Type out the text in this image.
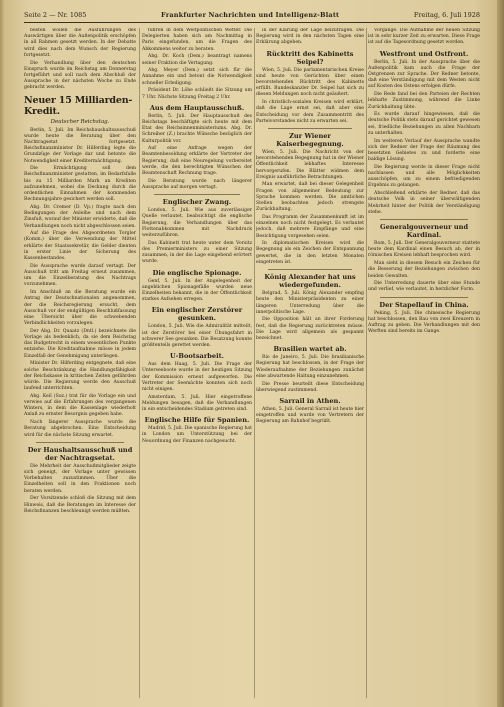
Seite 2 — Nr. 1085	Frankfurter Nachrichten und Intelligenz-Blatt	Freitag, 6. Juli 1928

besten wollen die Ausführungen des Auswärtigen über die Außenpolitik erschöpfen in all Rahmen gesetzt werden. In der Debatte wird dies nach dem Wunsch der Regierung fortgesetzt.

Die Verhandlung über den deutschen Einspruch wurde im Reichstag am Donnerstag fortgeführt und soll nach dem Abschluß der Aussprache in der nächsten Woche zu Ende gebracht werden.

Neuer 15 Milliarden-Kredit.
Deutscher Reichstag.

Berlin, 5. Juli. Im Reichshaushaltsausschuß wurde heute die Beratung über den Nachtragsetat fortgesetzt. Reichsfinanzminister Dr. Hilferding legte die Grundzüge der Vorlage dar und betonte die Notwendigkeit einer Kreditermächtigung.

Die Ermächtigung soll dem Reichsfinanzminister gestatten, im Bedarfsfalle bis zu 15 Milliarden Mark an Krediten aufzunehmen, wobei die Deckung durch die ordentlichen Einnahmen der kommenden Rechnungsjahre gesichert werden soll.

Abg. Dr. Cremer (D. Vp.) fragte nach den Bedingungen der Anleihe und nach dem Zinsfuß, worauf der Minister erwiderte, daß die Verhandlungen noch nicht abgeschlossen seien.

Auf die Frage des Abgeordneten Torgler (Komm.) über die Verwendung der Mittel erklärte der Staatssekretär, die Gelder dienten in erster Linie der Sicherung des Kassenbestandes.

Die Aussprache wurde darauf vertagt. Der Ausschuß tritt am Freitag erneut zusammen, um die Einzelberatung des Nachtrags vorzunehmen.

Im Anschluß an die Beratung wurde ein Antrag der Deutschnationalen angenommen, der die Reichsregierung ersucht, dem Ausschuß vor der endgültigen Beschlußfassung eine Übersicht über die schwebenden Verbindlichkeiten vorzulegen.

Der Abg. Dr. Quaatz (Dntl.) bezeichnete die Vorlage als bedenklich, da sie dem Reichstag das Budgetrecht in einem wesentlichen Punkte entziehe. Die Kreditaufnahme müsse in jedem Einzelfall der Genehmigung unterliegen.

Minister Dr. Hilferding entgegnete, daß eine solche Beschränkung die Handlungsfähigkeit der Reichskasse in kritischen Zeiten gefährden würde. Die Regierung werde den Ausschuß laufend unterrichten.

Abg. Keil (Soz.) trat für die Vorlage ein und verwies auf die Erfahrungen des vergangenen Winters, in dem die Kassenlage wiederholt Anlaß zu ernster Besorgnis gegeben habe.

Nach längerer Aussprache wurde die Beratung abgebrochen. Eine Entscheidung wird für die nächste Sitzung erwartet.

Der Haushaltsausschuß und der Nachtragsetat.

Die Mehrheit der Ausschußmitglieder zeigte sich geneigt, der Vorlage unter gewissen Vorbehalten zuzustimmen. Über die Einzelheiten soll in den Fraktionen noch beraten werden.

Der Vorsitzende schloß die Sitzung mit dem Hinweis, daß die Beratungen im Interesse der Reichsfinanzen beschleunigt werden müßten.

führen in dem Weltpolitischen Wetter. Die Delegierten haben sich am Nachmittag in Paris eingefunden, um die Fragen des Abkommens weiter zu beraten.

Abg. Dr. Koch (Dem.) beantragt namens seiner Fraktion die Vertagung.

Abg. Meyer (Dem.) setzt sich für die Annahme ein und betont die Notwendigkeit schneller Erledigung.

Präsident Dr. Löbe schließt die Sitzung um 7 Uhr. Nächste Sitzung Freitag 2 Uhr.

Aus dem Hauptausschuß.

Berlin, 5. Juli. Der Hauptausschuß des Reichstags beschäftigte sich heute mit dem Etat des Reichsinnenministeriums. Abg. Dr. Schreiber (Z.) brachte Wünsche bezüglich der Kulturpolitik vor.

Auf eine Anfrage wegen der Beamtenbesoldung erklärte der Vertreter der Regierung, daß eine Neuregelung vorbereitet werde, die den berechtigten Wünschen der Beamtenschaft Rechnung trage.

Die Beratung wurde nach längerer Aussprache auf morgen vertagt.

Englischer Zwang.

London, 5. Juli. Wie aus zuverlässiger Quelle verlautet, beabsichtigt die englische Regierung, die Verhandlungen über das Flottenabkommen mit Nachdruck weiterzuführen.

Das Kabinett trat heute unter dem Vorsitz des Premierministers zu einer Sitzung zusammen, in der die Lage eingehend erörtert wurde.

Die englische Spionage.

Genf, 5. Juli. In der Angelegenheit der angeblichen Spionagefälle wurden neue Einzelheiten bekannt, die in der Öffentlichkeit starkes Aufsehen erregen.

Ein englischer Zerstörer gesunken.

London, 5. Juli. Wie die Admiralität mitteilt, ist der Zerstörer bei einer Übungsfahrt in schwerer See gesunken. Die Besatzung konnte größtenteils gerettet werden.

U-Bootsarbeit.

Aus dem Haag, 5. Juli. Die Frage der Unterseeboote wurde in der heutigen Sitzung der Kommission erneut aufgeworfen. Die Vertreter der Seemächte konnten sich noch nicht einigen.

Amsterdam, 5. Juli. Hier eingetroffene Meldungen besagen, daß die Verhandlungen in ein entscheidendes Stadium getreten sind.

Englische Hilfe für Spanien.

Madrid, 5. Juli. Die spanische Regierung hat in London um Unterstützung bei der Neuordnung der Finanzen nachgesucht.

in der Klärung der Lage beizutragen. Die Regierung wird in den nächsten Tagen eine Erklärung abgeben.

Rücktritt des Kabinetts Seipel?

Wien, 5. Juli. Die parlamentarischen Kreise sind heute von Gerüchten über einen bevorstehenden Rücktritt des Kabinetts erfüllt. Bundeskanzler Dr. Seipel hat sich zu diesen Meldungen noch nicht geäußert.

In christlich-sozialen Kreisen wird erklärt, daß die Lage ernst sei, daß aber eine Entscheidung vor dem Zusammentritt des Parteivorstandes nicht zu erwarten sei.

Zur Wiener Kaiserbegegnung.

Wien, 5. Juli. Die Nachricht von der bevorstehenden Begegnung hat in der Wiener Öffentlichkeit lebhaftes Interesse hervorgerufen. Die Blätter widmen dem Ereignis ausführliche Betrachtungen.

Man erwartet, daß bei dieser Gelegenheit Fragen von allgemeiner Bedeutung zur Sprache kommen werden. Die amtlichen Stellen beobachten jedoch strengste Zurückhaltung.

Das Programm der Zusammenkunft ist im einzelnen noch nicht festgelegt. Es verlautet jedoch, daß mehrere Empfänge und eine Besichtigung vorgesehen seien.

In diplomatischen Kreisen wird die Begegnung als ein Zeichen der Entspannung gewertet, die in den letzten Monaten eingetreten ist.

König Alexander hat uns wiedergefunden.

Belgrad, 5. Juli. König Alexander empfing heute den Ministerpräsidenten zu einer längeren Unterredung über die innerpolitische Lage.

Die Opposition hält an ihrer Forderung fest, daß die Regierung zurücktreten müsse. Die Lage wird allgemein als gespannt bezeichnet.

Brasilien wartet ab.

Rio de Janeiro, 5. Juli. Die brasilianische Regierung hat beschlossen, in der Frage der Wiederaufnahme der Beziehungen zunächst eine abwartende Haltung einzunehmen.

Die Presse beurteilt diese Entscheidung überwiegend zustimmend.

Sarrail in Athen.

Athen, 5. Juli. General Sarrail ist heute hier eingetroffen und wurde von Vertretern der Regierung am Bahnhof begrüßt.

Vorgänge. Die Aufnahme der neuen Sitzung ist in sehr kurzer Zeit zu erwarten. Diese Frage ist auf die Tagesordnung gesetzt worden.

Westfront und Ostfront.

Berlin, 5. Juli. In der Aussprache über die Außenpolitik kam auch die Frage der Ostgrenzen zur Sprache. Der Redner betonte, daß eine Verständigung mit dem Westen nicht auf Kosten des Ostens erfolgen dürfe.

Die Rede fand bei den Parteien der Rechten lebhafte Zustimmung, während die Linke Zurückhaltung übte.

Es wurde darauf hingewiesen, daß die deutsche Politik stets darauf gerichtet gewesen sei, friedliche Beziehungen zu allen Nachbarn zu unterhalten.

Im weiteren Verlauf der Aussprache wandte sich der Redner der Frage der Räumung des besetzten Gebietes zu und forderte eine baldige Lösung.

Die Regierung werde in dieser Frage nicht nachlassen und alle Möglichkeiten ausschöpfen, um zu einem befriedigenden Ergebnis zu gelangen.

Abschließend erklärte der Redner, daß das deutsche Volk in seiner überwältigenden Mehrheit hinter der Politik der Verständigung stehe.

Generalgouverneur und Kardinal.

Rom, 5. Juli. Der Generalgouverneur stattete heute dem Kardinal einen Besuch ab, der in römischen Kreisen lebhaft besprochen wird.

Man sieht in diesem Besuch ein Zeichen für die Besserung der Beziehungen zwischen den beiden Gewalten.

Die Unterredung dauerte über eine Stunde und verlief, wie verlautet, in herzlicher Form.

Der Stapellauf in China.

Peking, 5. Juli. Die chinesische Regierung hat beschlossen, den Bau von zwei Kreuzern in Auftrag zu geben. Die Verhandlungen mit den Werften sind bereits im Gange.
